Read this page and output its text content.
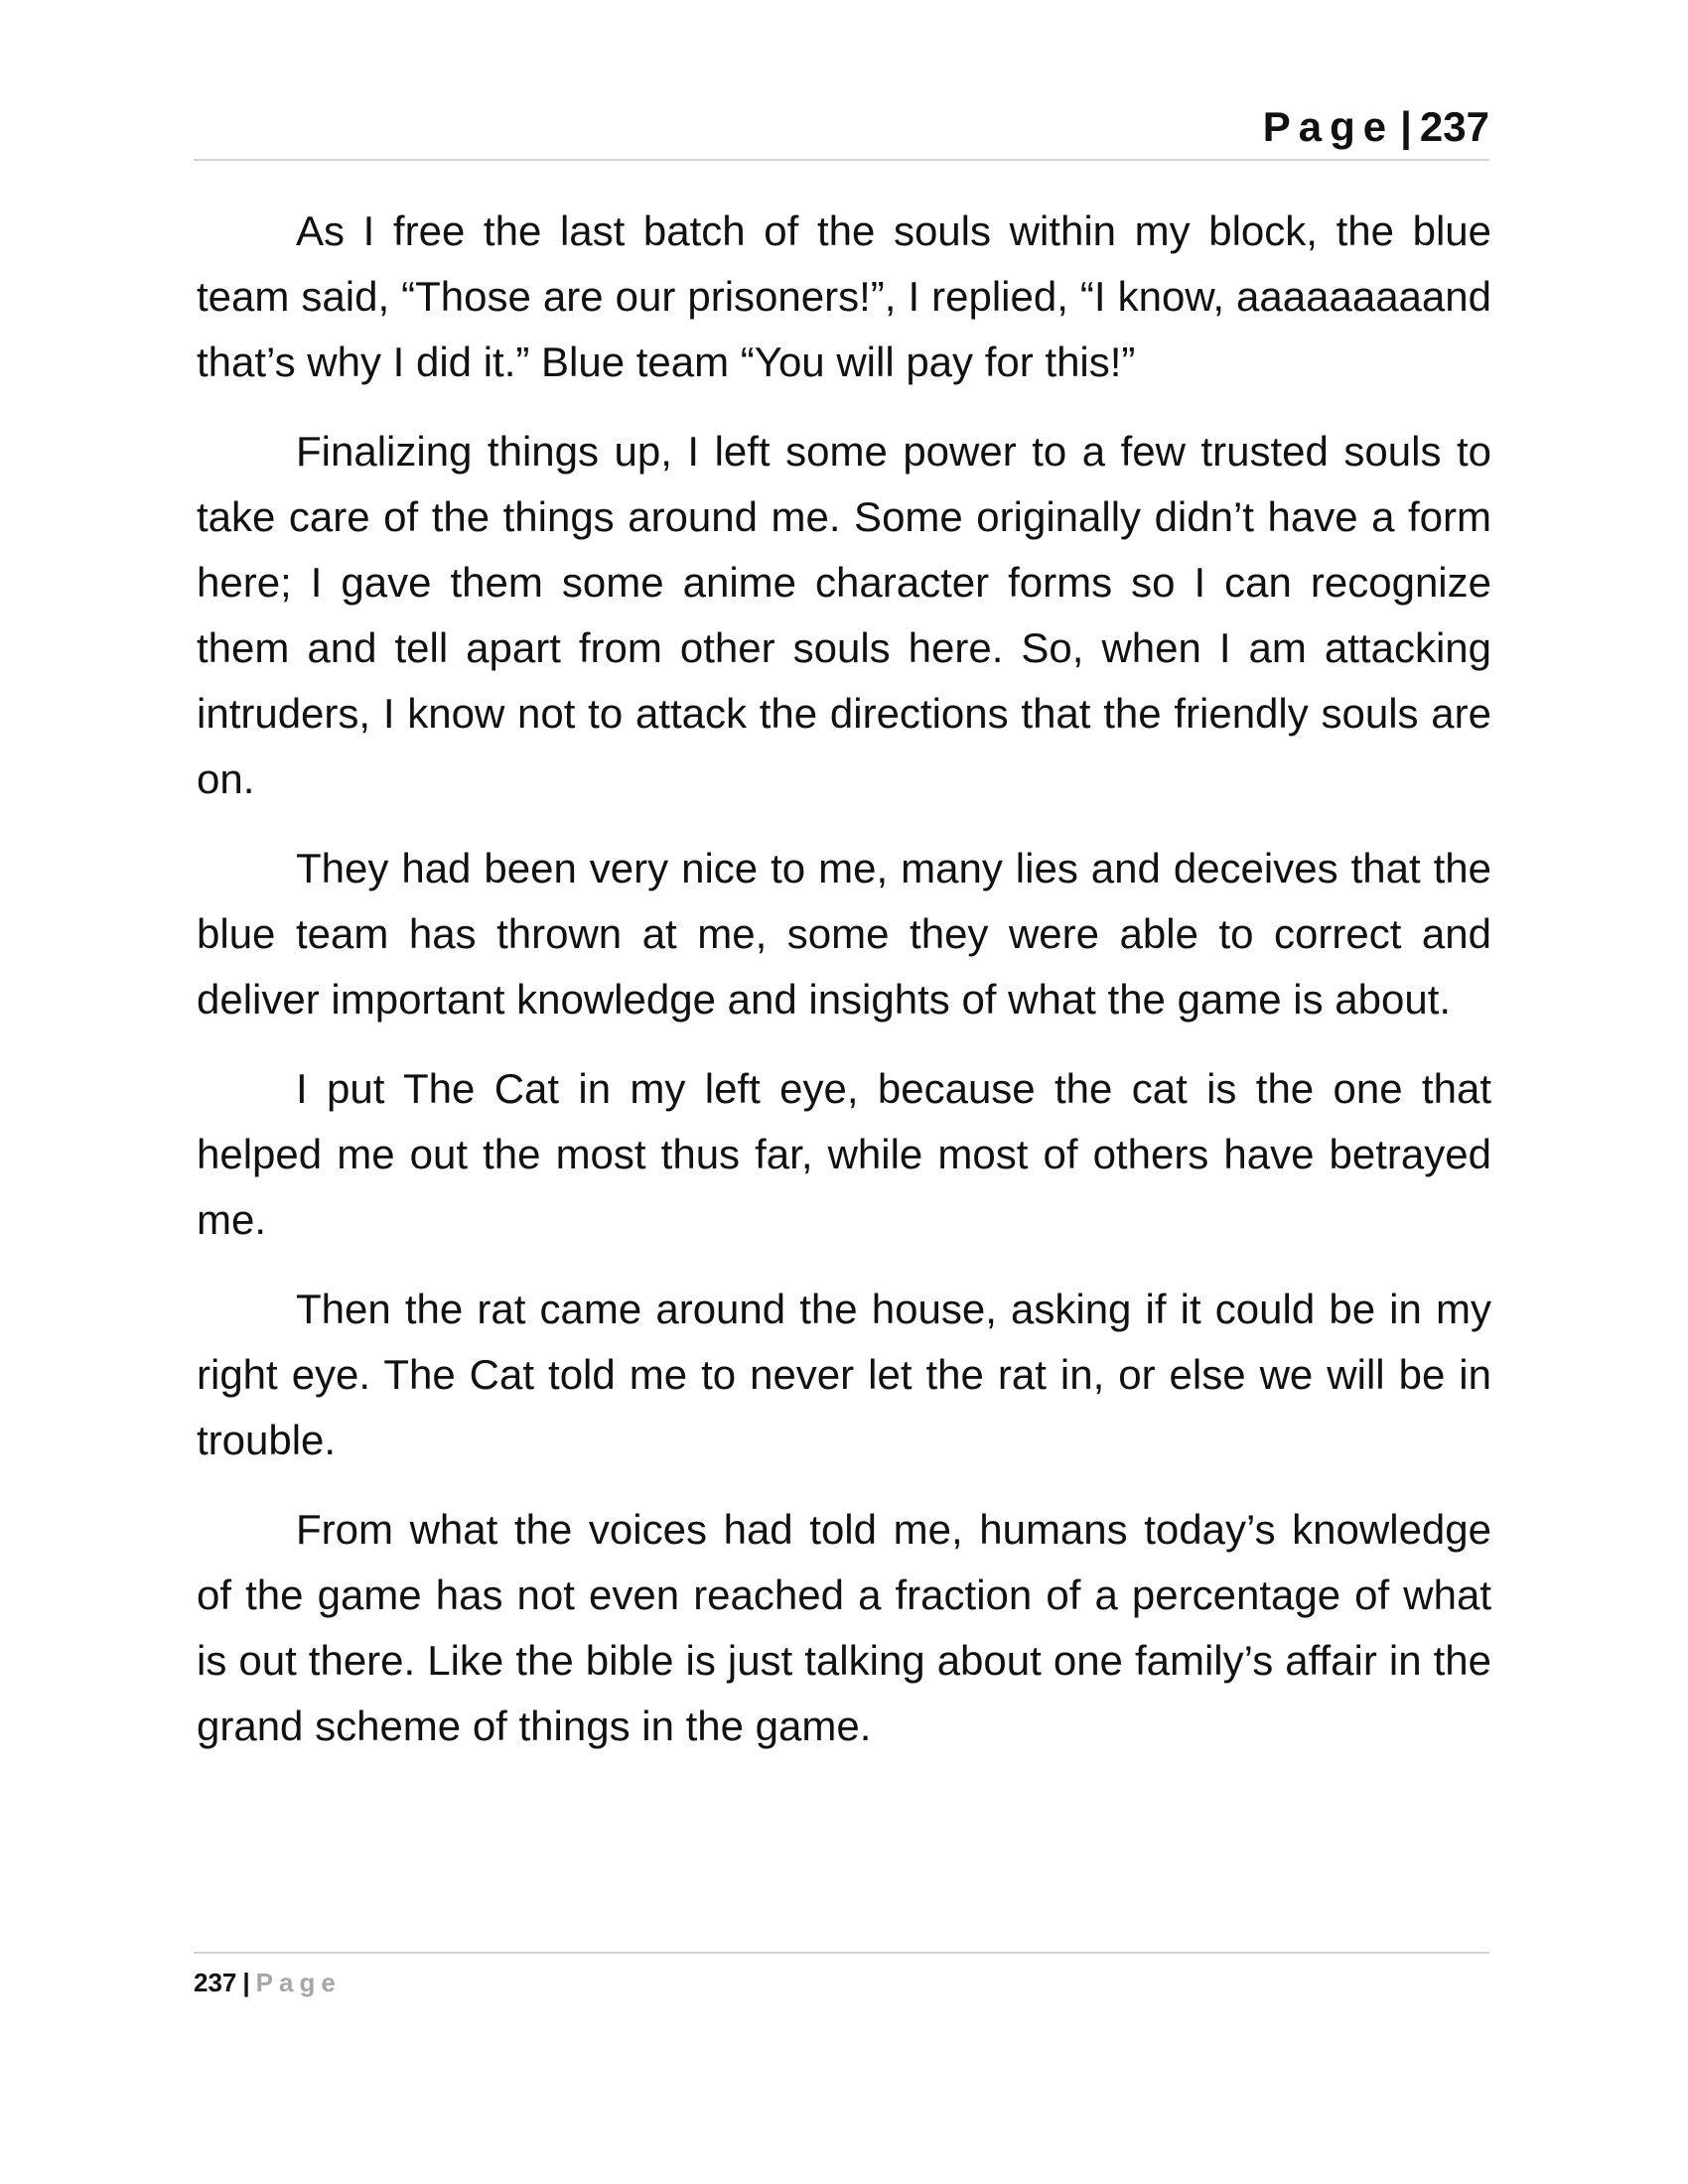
Page | 237

As I free the last batch of the souls within my block, the blue team said, “Those are our prisoners!”, I replied, “I know, aaaaaaaaand that’s why I did it.” Blue team “You will pay for this!”

Finalizing things up, I left some power to a few trusted souls to take care of the things around me. Some originally didn’t have a form here; I gave them some anime character forms so I can recognize them and tell apart from other souls here. So, when I am attacking intruders, I know not to attack the directions that the friendly souls are on.

They had been very nice to me, many lies and deceives that the blue team has thrown at me, some they were able to correct and deliver important knowledge and insights of what the game is about.

I put The Cat in my left eye, because the cat is the one that helped me out the most thus far, while most of others have betrayed me.

Then the rat came around the house, asking if it could be in my right eye. The Cat told me to never let the rat in, or else we will be in trouble.

From what the voices had told me, humans today’s knowledge of the game has not even reached a fraction of a percentage of what is out there. Like the bible is just talking about one family’s affair in the grand scheme of things in the game.

237 | Page
